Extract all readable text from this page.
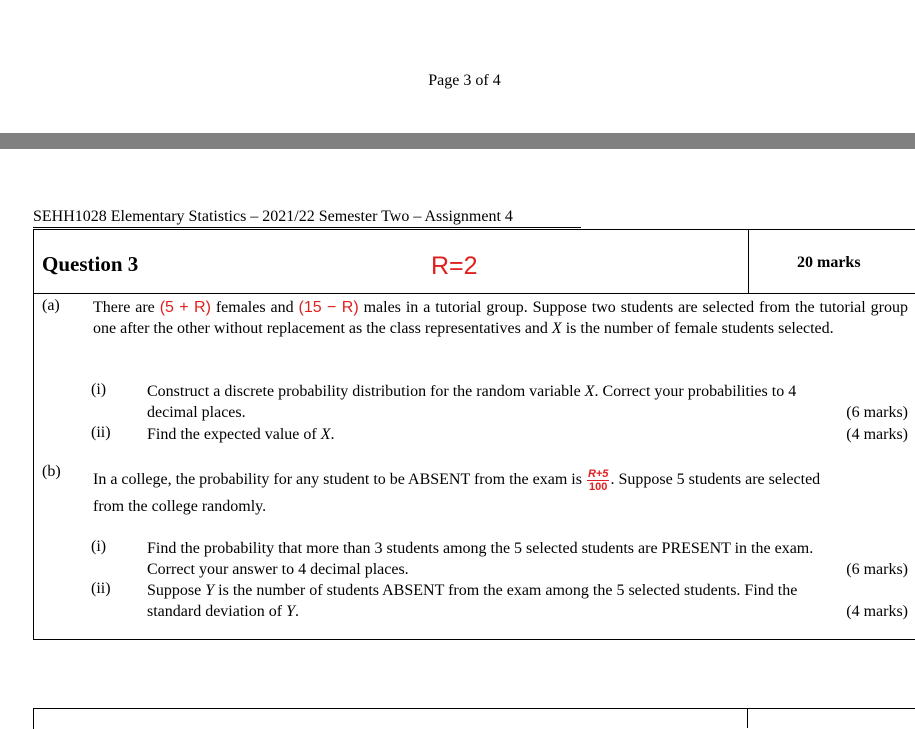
Page 3 of 4
SEHH1028 Elementary Statistics – 2021/22 Semester Two – Assignment 4
Question 3	R=2	20 marks
(a) There are (5 + R) females and (15 − R) males in a tutorial group. Suppose two students are selected from the tutorial group one after the other without replacement as the class representatives and X is the number of female students selected.
(i)	Construct a discrete probability distribution for the random variable X. Correct your probabilities to 4
decimal places.	(6 marks)
(ii) Find the expected value of X.	(4 marks)
(b) In a college, the probability for any student to be ABSENT from the exam is $\frac{R+5}{100}$ . Suppose 5 students are selected
from the college randomly.
(i)	Find the probability that more than 3 students among the 5 selected students are PRESENT in the exam.
Correct your answer to 4 decimal places.	(6 marks)
(ii) Suppose Y is the number of students ABSENT from the exam among the 5 selected students. Find the
standard deviation of Y.	(4 marks)
